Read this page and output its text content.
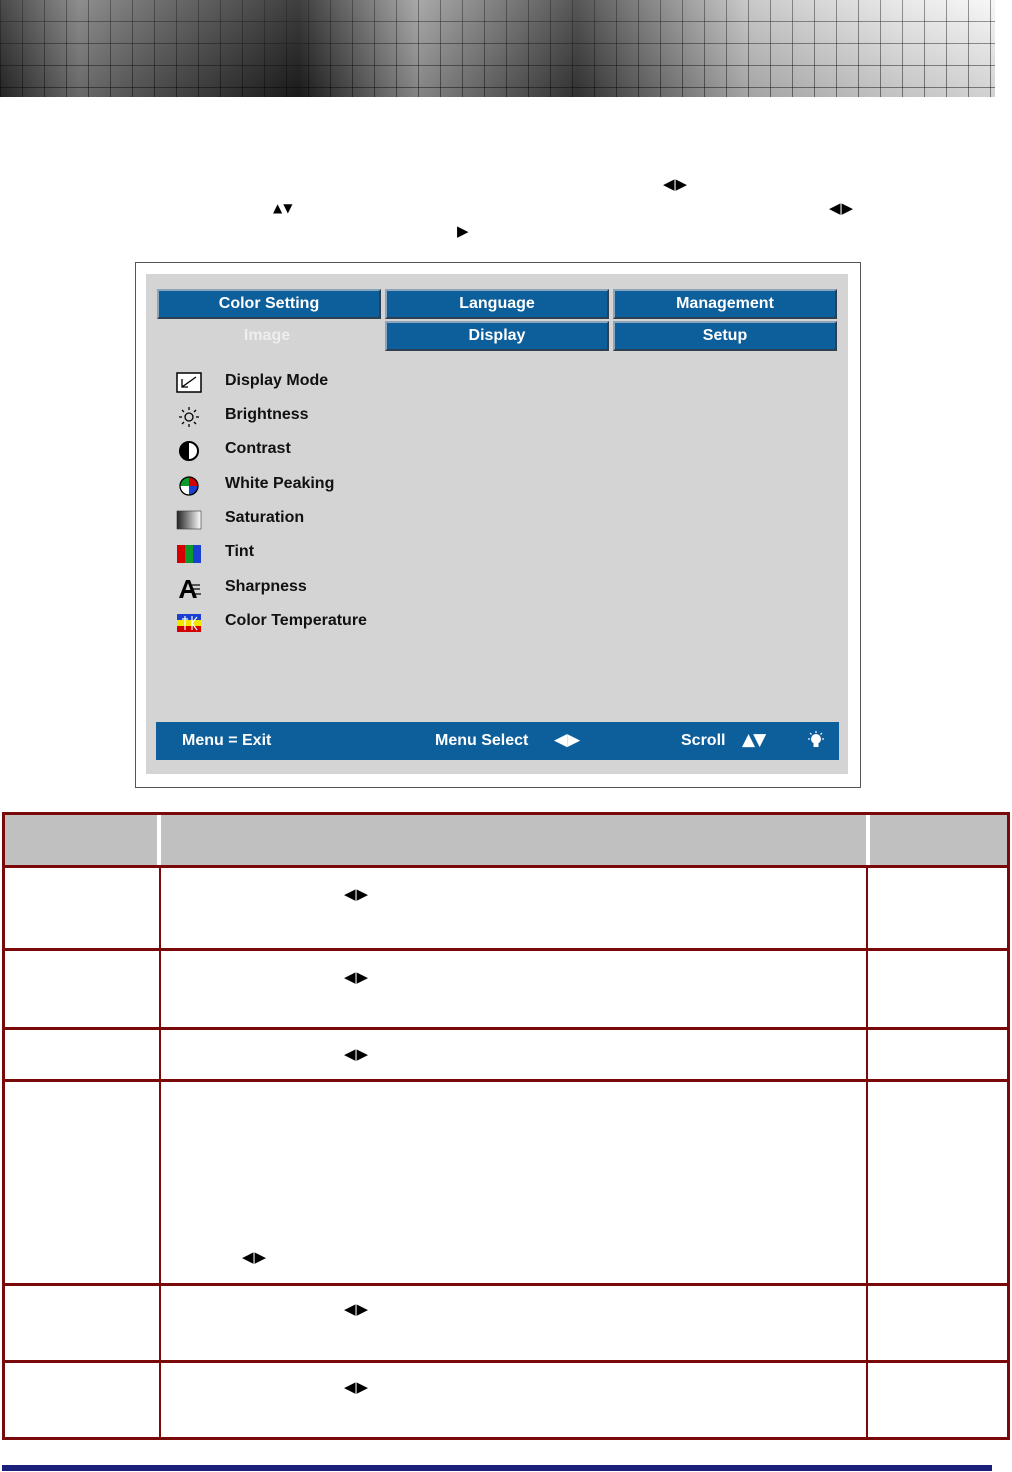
◀▶
▲▼	◀▶
▶
Color Setting	Language	Management
Image	Display	Setup
Display Mode
Brightness
Contrast
White Peaking
Saturation
Tint
Sharpness
Color Temperature
Menu = Exit	Menu Select ◀▶	Scroll ▲▼
◀▶
◀▶
◀▶
◀▶
◀▶
◀▶
